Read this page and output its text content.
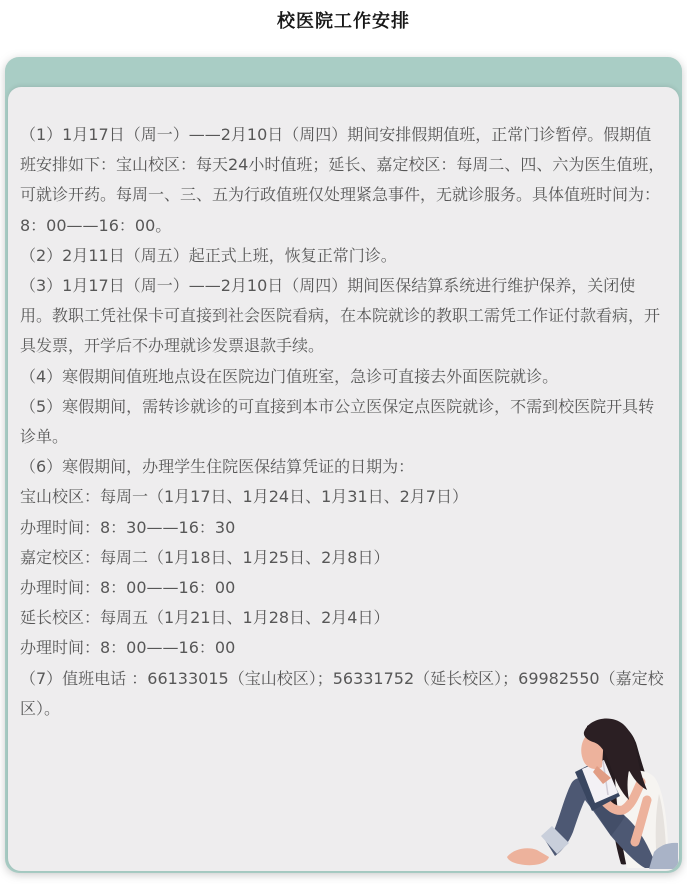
校医院工作安排

（1）1月17日（周一）——2月10日（周四）期间安排假期值班，正常门诊暂停。假期值班安排如下：宝山校区：每天24小时值班；延长、嘉定校区：每周二、四、六为医生值班，可就诊开药。每周一、三、五为行政值班仅处理紧急事件，无就诊服务。具体值班时间为：8：00——16：00。

（2）2月11日（周五）起正式上班，恢复正常门诊。

（3）1月17日（周一）——2月10日（周四）期间医保结算系统进行维护保养，关闭使用。教职工凭社保卡可直接到社会医院看病，在本院就诊的教职工需凭工作证付款看病，开具发票，开学后不办理就诊发票退款手续。

（4）寒假期间值班地点设在医院边门值班室，急诊可直接去外面医院就诊。

（5）寒假期间，需转诊就诊的可直接到本市公立医保定点医院就诊，不需到校医院开具转诊单。

（6）寒假期间，办理学生住院医保结算凭证的日期为：

宝山校区：每周一（1月17日、1月24日、1月31日、2月7日）

办理时间：8：30——16：30

嘉定校区：每周二（1月18日、1月25日、2月8日）

办理时间：8：00——16：00

延长校区：每周五（1月21日、1月28日、2月4日）

办理时间：8：00——16：00

（7）值班电话 ：66133015（宝山校区）；56331752（延长校区）；69982550（嘉定校区）。
